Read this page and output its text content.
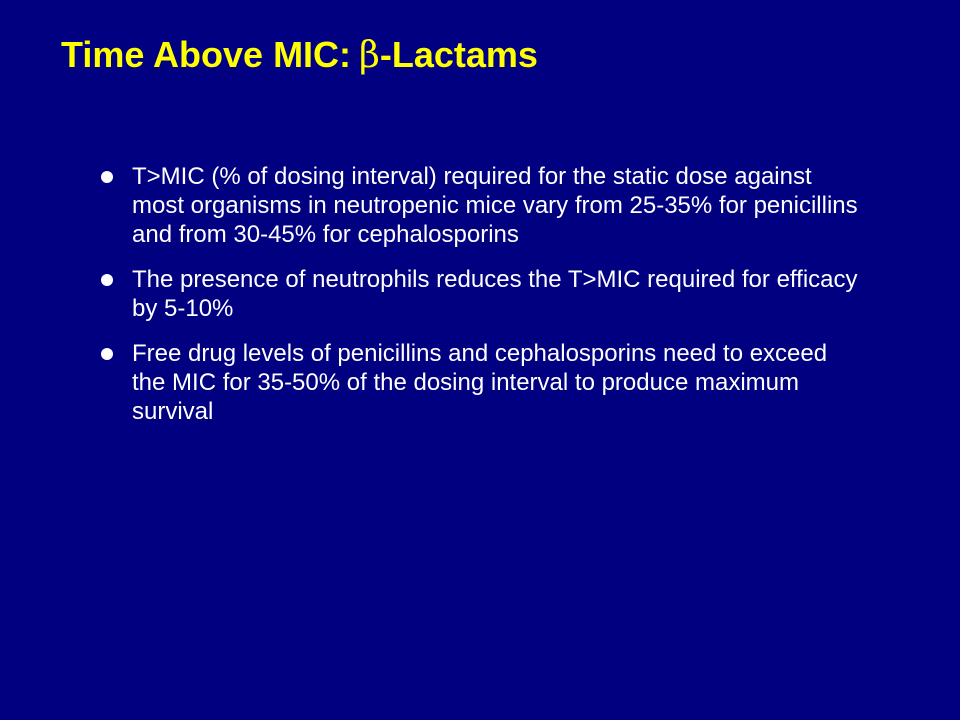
Time Above MIC: β-Lactams
T>MIC (% of dosing interval) required for the static dose against most organisms in neutropenic mice vary from 25-35% for penicillins and from 30-45% for cephalosporins
The presence of neutrophils reduces the T>MIC required for efficacy by 5-10%
Free drug levels of penicillins and cephalosporins need to exceed the MIC for 35-50% of the dosing interval to produce maximum survival
